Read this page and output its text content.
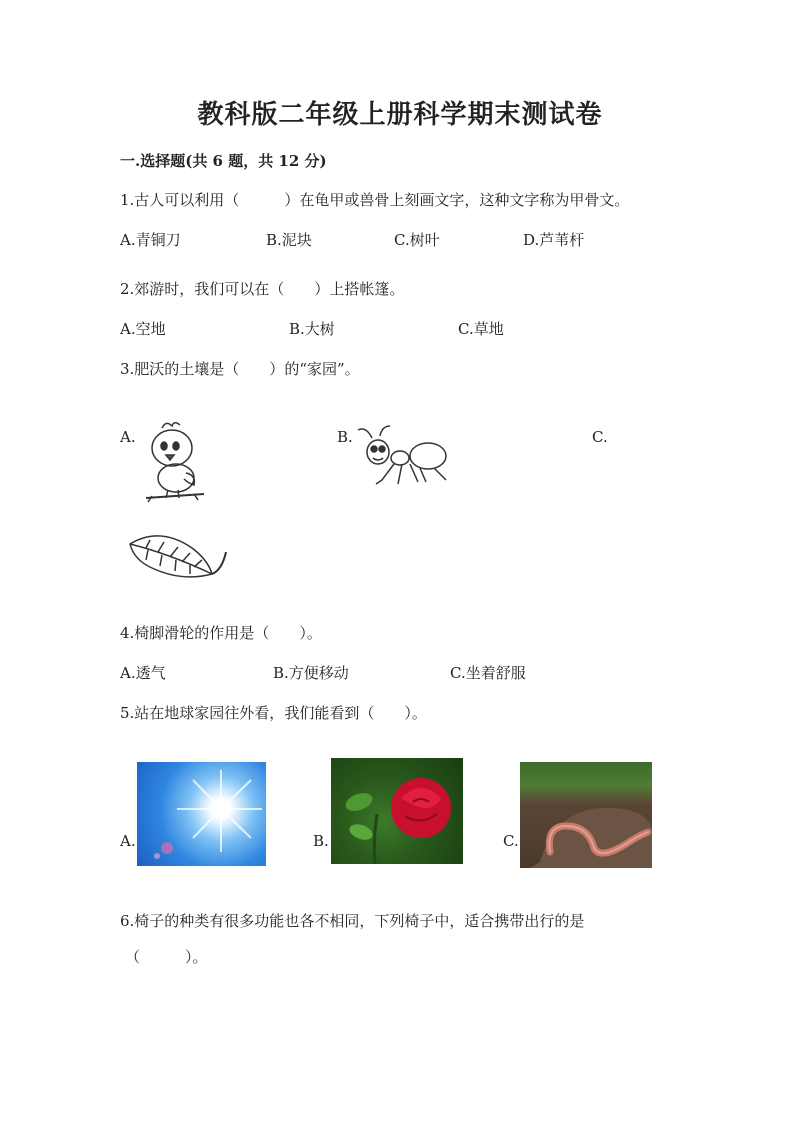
教科版二年级上册科学期末测试卷
一.选择题(共 6 题，共 12 分)
1.古人可以利用（　　　）在龟甲或兽骨上刻画文字，这种文字称为甲骨文。
A.青铜刀	B.泥块	C.树叶	D.芦苇杆
2.郊游时，我们可以在（　　）上搭帐篷。
A.空地	B.大树	C.草地
3.肥沃的土壤是（　　）的“家园”。
A.	B.	C.
4.椅脚滑轮的作用是（　　）。
A.透气	B.方便移动	C.坐着舒服
5.站在地球家园往外看，我们能看到（　　）。
A.	B.	C.
6.椅子的种类有很多功能也各不相同，下列椅子中，适合携带出行的是
（　　　）。
